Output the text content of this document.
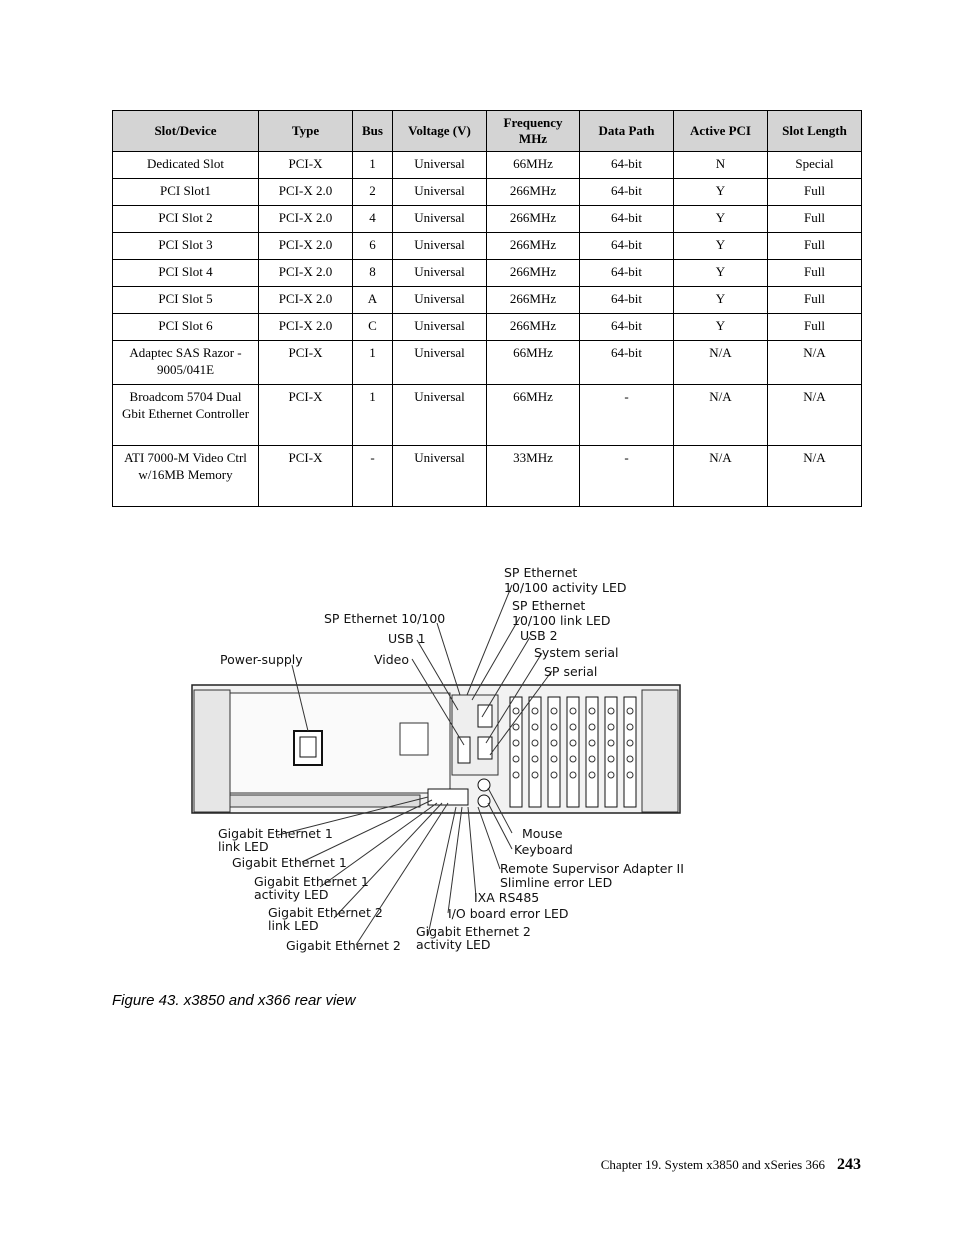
Slot/Device	Type	Bus	Voltage (V)	Frequency MHz	Data Path	Active PCI	Slot Length
Dedicated Slot	PCI-X	1	Universal	66MHz	64-bit	N	Special
PCI Slot1	PCI-X 2.0	2	Universal	266MHz	64-bit	Y	Full
PCI Slot 2	PCI-X 2.0	4	Universal	266MHz	64-bit	Y	Full
PCI Slot 3	PCI-X 2.0	6	Universal	266MHz	64-bit	Y	Full
PCI Slot 4	PCI-X 2.0	8	Universal	266MHz	64-bit	Y	Full
PCI Slot 5	PCI-X 2.0	A	Universal	266MHz	64-bit	Y	Full
PCI Slot 6	PCI-X 2.0	C	Universal	266MHz	64-bit	Y	Full
Adaptec SAS Razor - 9005/041E	PCI-X	1	Universal	66MHz	64-bit	N/A	N/A
Broadcom 5704 Dual Gbit Ethernet Controller	PCI-X	1	Universal	66MHz	-	N/A	N/A
ATI 7000-M Video Ctrl w/16MB Memory	PCI-X	-	Universal	33MHz	-	N/A	N/A
SP Ethernet
10/100 activity LED
SP Ethernet
10/100 link LED
SP Ethernet 10/100
USB 1	USB 2
System serial
Power-supply	Video
SP serial
Gigabit Ethernet 1
link LED
Gigabit Ethernet 1
Gigabit Ethernet 1
activity LED
Gigabit Ethernet 2
link LED
Gigabit Ethernet 2
Mouse
Keyboard
Remote Supervisor Adapter II
Slimline error LED
IXA RS485
I/O board error LED
Gigabit Ethernet 2
activity LED
Figure 43. x3850 and x366 rear view
Chapter 19. System x3850 and xSeries 366 243
